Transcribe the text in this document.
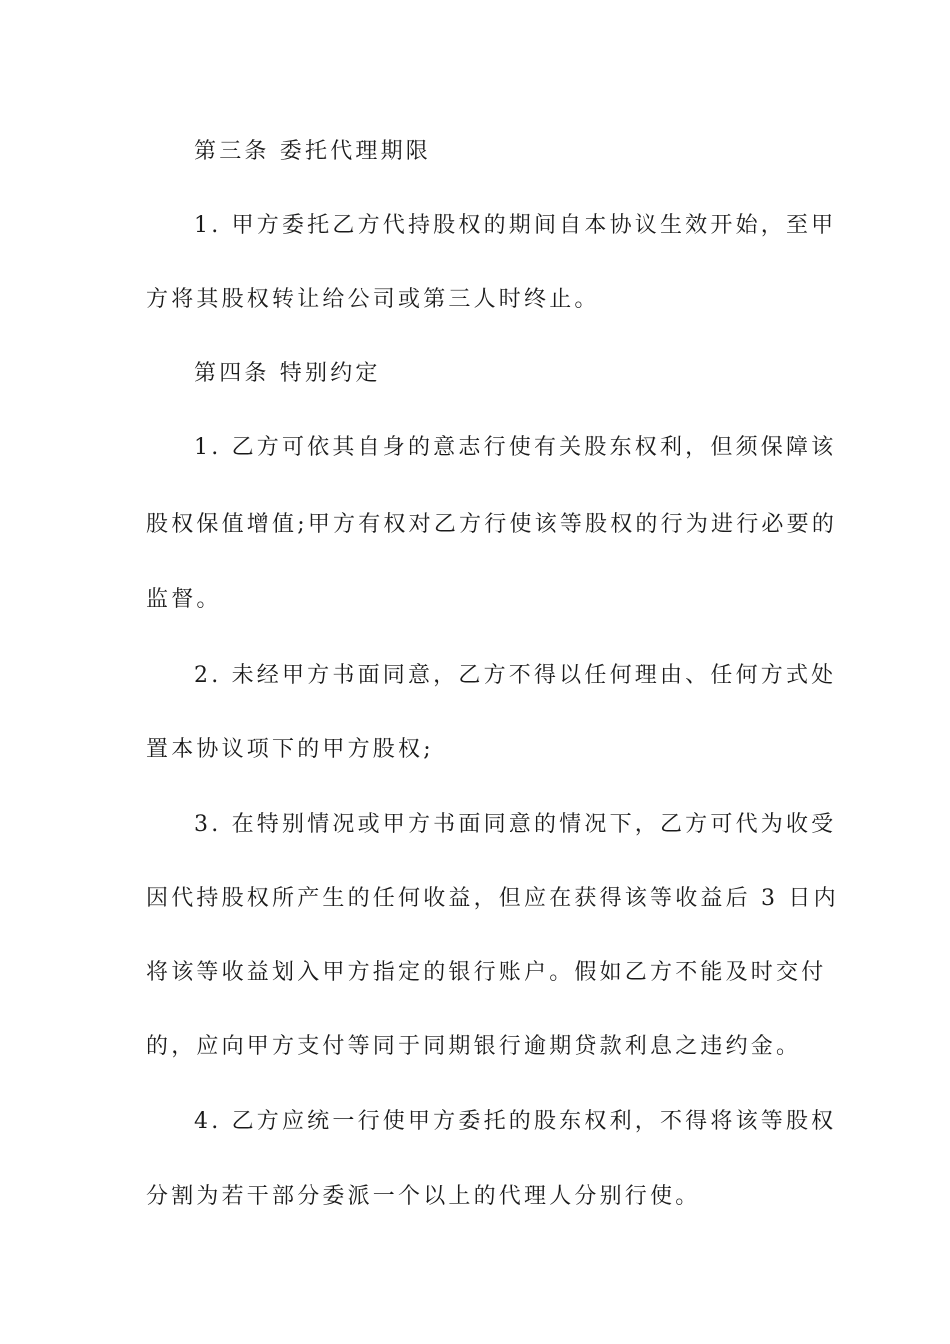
第三条 委托代理期限
1. 甲方委托乙方代持股权的期间自本协议生效开始，至甲
方将其股权转让给公司或第三人时终止。
第四条 特别约定
1. 乙方可依其自身的意志行使有关股东权利，但须保障该
股权保值增值;甲方有权对乙方行使该等股权的行为进行必要的
监督。
2. 未经甲方书面同意，乙方不得以任何理由、任何方式处
置本协议项下的甲方股权;
3. 在特别情况或甲方书面同意的情况下，乙方可代为收受
因代持股权所产生的任何收益，但应在获得该等收益后 3 日内
将该等收益划入甲方指定的银行账户。假如乙方不能及时交付
的，应向甲方支付等同于同期银行逾期贷款利息之违约金。
4. 乙方应统一行使甲方委托的股东权利，不得将该等股权
分割为若干部分委派一个以上的代理人分别行使。
